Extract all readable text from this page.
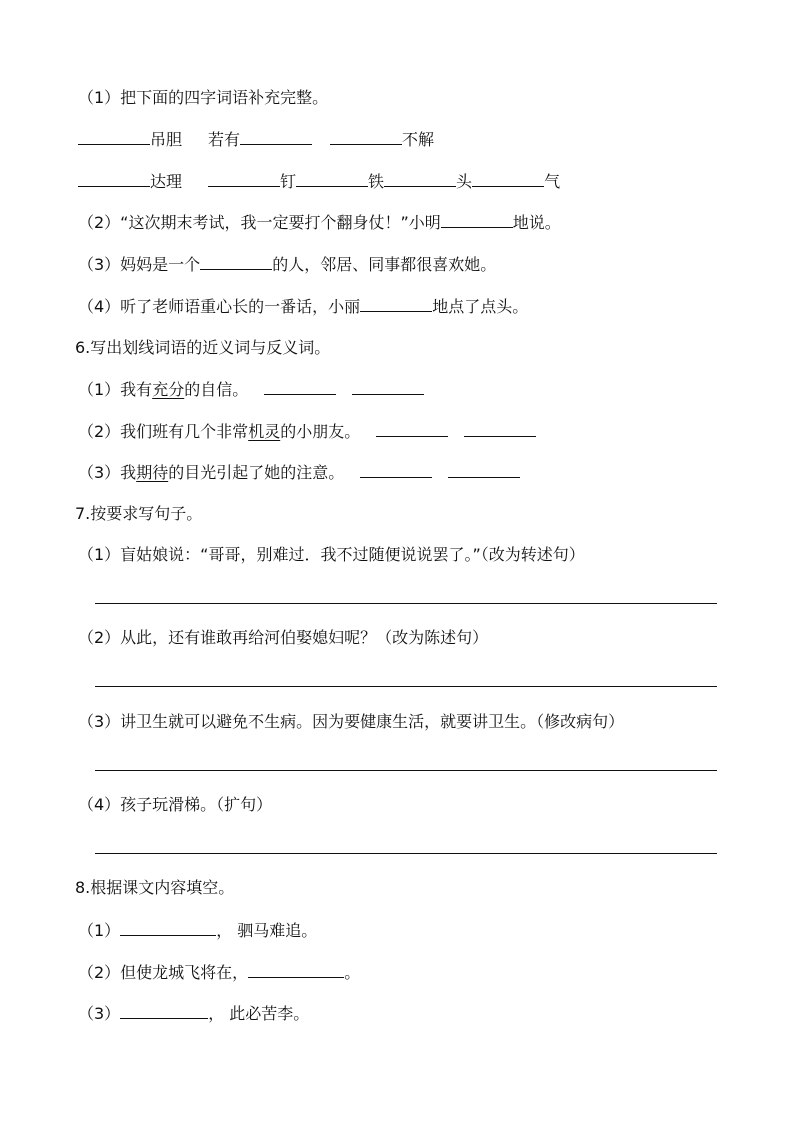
（1）把下面的四字词语补充完整。
吊胆 若有	不解
达理	钉	铁	头	气
（2）“这次期末考试，我一定要打个翻身仗！”小明	地说。
（3）妈妈是一个	的人，邻居、同事都很喜欢她。
（4）听了老师语重心长的一番话，小丽	地点了点头。
6.写出划线词语的近义词与反义词。
（1）我有充分的自信。
（2）我们班有几个非常机灵的小朋友。
（3）我期待的目光引起了她的注意。
7.按要求写句子。
（1）盲姑娘说：“哥哥，别难过．我不过随便说说罢了。”（改为转述句）
（2）从此，还有谁敢再给河伯娶媳妇呢？（改为陈述句）
（3）讲卫生就可以避免不生病。因为要健康生活，就要讲卫生。（修改病句）
（4）孩子玩滑梯。（扩句）
8.根据课文内容填空。
（1）	， 驷马难追。
（2）但使龙城飞将在，	。
（3）	， 此必苦李。
